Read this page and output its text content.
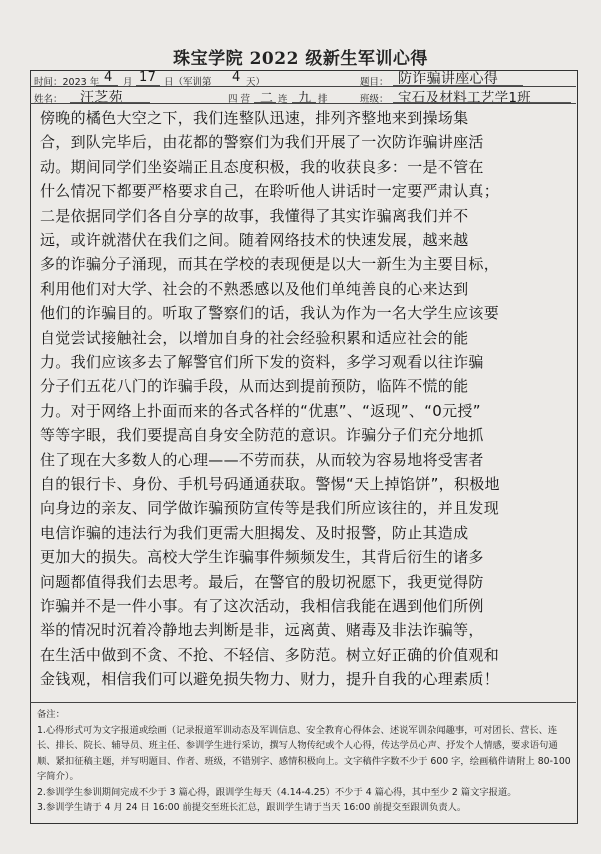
珠宝学院 2022 级新生军训心得
时间：2023 年 4 月 17 日（军训第 4 天）	题目： 防诈骗讲座心得
姓名： 汪芝苑	四 营 二 连 九 排	班级： 宝石及材料工艺学1班
傍晚的橘色大空之下，我们连整队迅速，排列齐整地来到操场集
合，到队完毕后，由花都的警察们为我们开展了一次防诈骗讲座活
动。期间同学们坐姿端正且态度积极，我的收获良多：一是不管在
什么情况下都要严格要求自己，在聆听他人讲话时一定要严肃认真；
二是依据同学们各自分享的故事，我懂得了其实诈骗离我们并不
远，或许就潜伏在我们之间。随着网络技术的快速发展，越来越
多的诈骗分子涌现，而其在学校的表现便是以大一新生为主要目标，
利用他们对大学、社会的不熟悉感以及他们单纯善良的心来达到
他们的诈骗目的。听取了警察们的话，我认为作为一名大学生应该要
自觉尝试接触社会，以增加自身的社会经验积累和适应社会的能
力。我们应该多去了解警官们所下发的资料，多学习观看以往诈骗
分子们五花八门的诈骗手段，从而达到提前预防，临阵不慌的能
力。对于网络上扑面而来的各式各样的“优惠”、“返现”、“0元授”
等等字眼，我们要提高自身安全防范的意识。诈骗分子们充分地抓
住了现在大多数人的心理——不劳而获，从而较为容易地将受害者
自的银行卡、身份、手机号码通通获取。警惕“天上掉馅饼”，积极地
向身边的亲友、同学做诈骗预防宣传等是我们所应该往的，并且发现
电信诈骗的违法行为我们更需大胆揭发、及时报警，防止其造成
更加大的损失。高校大学生诈骗事件频频发生，其背后衍生的诸多
问题都值得我们去思考。最后，在警官的殷切祝愿下，我更觉得防
诈骗并不是一件小事。有了这次活动，我相信我能在遇到他们所例
举的情况时沉着冷静地去判断是非，远离黄、赌毒及非法诈骗等，
在生活中做到不贪、不抢、不轻信、多防范。树立好正确的价值观和
金钱观，相信我们可以避免损失物力、财力，提升自我的心理素质！

备注：

1.心得形式可为文字报道或绘画（记录报道军训动态及军训信息、安全教育心得体会、述说军训杂闻趣事，可对团长、营长、连长、排长、院长、辅导员、班主任、参训学生进行采访，撰写人物传纪或个人心得，传达学员心声、抒发个人情感，要求语句通顺、紧扣征稿主题，并写明题目、作者、班级，不错别字、感情积极向上。文字稿件字数不少于 600 字，绘画稿件请附上 80-100 字简介）。

2.参训学生参训期间完成不少于 3 篇心得，跟训学生每天（4.14-4.25）不少于 4 篇心得，其中至少 2 篇文字报道。

3.参训学生请于 4 月 24 日 16:00 前提交至班长汇总，跟训学生请于当天 16:00 前提交至跟训负责人。
